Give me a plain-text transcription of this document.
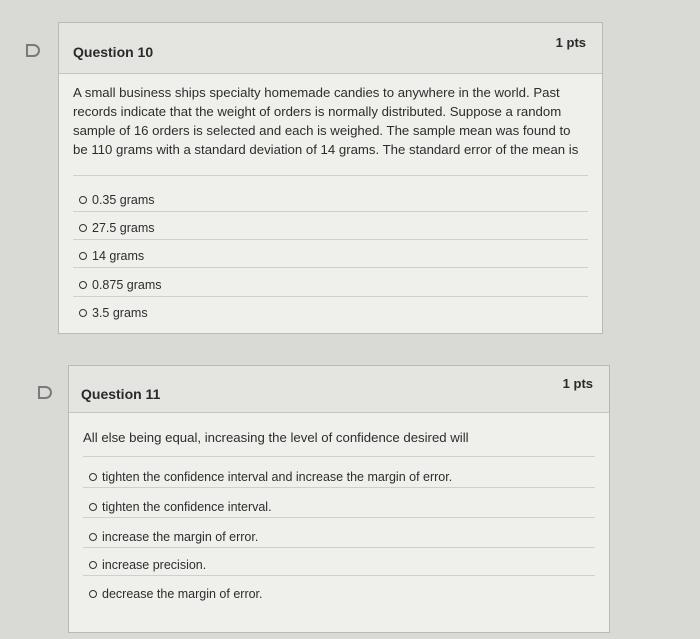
Question 10
1 pts
A small business ships specialty homemade candies to anywhere in the world. Past records indicate that the weight of orders is normally distributed. Suppose a random sample of 16 orders is selected and each is weighed. The sample mean was found to be 110 grams with a standard deviation of 14 grams. The standard error of the mean is
0.35 grams
27.5 grams
14 grams
0.875 grams
3.5 grams
Question 11
1 pts
All else being equal, increasing the level of confidence desired will
tighten the confidence interval and increase the margin of error.
tighten the confidence interval.
increase the margin of error.
increase precision.
decrease the margin of error.
